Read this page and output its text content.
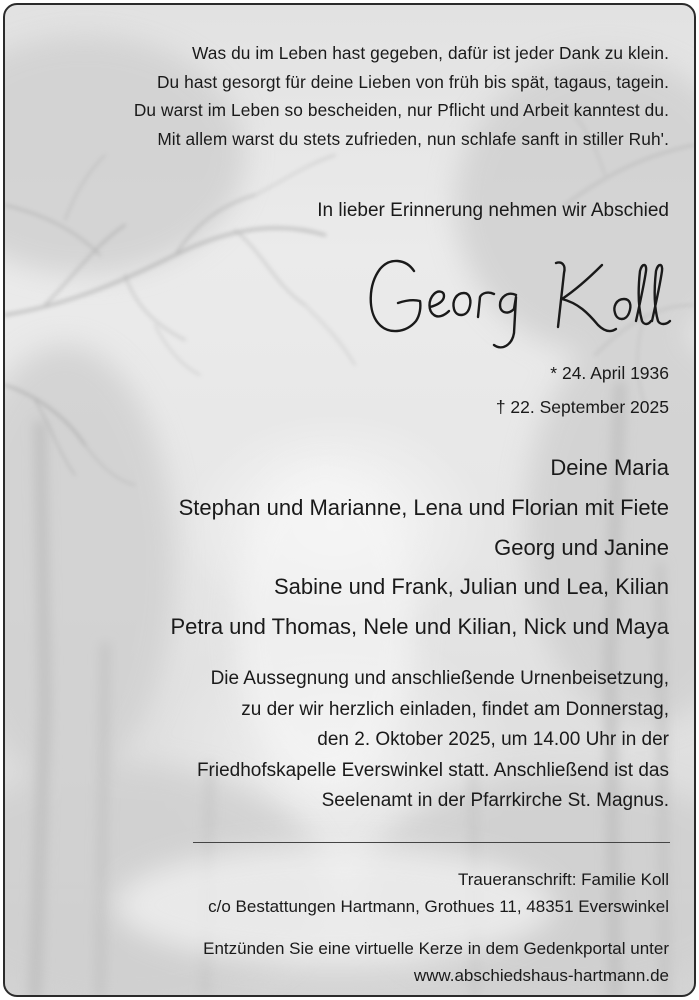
Was du im Leben hast gegeben, dafür ist jeder Dank zu klein.
Du hast gesorgt für deine Lieben von früh bis spät, tagaus, tagein.
Du warst im Leben so bescheiden, nur Pflicht und Arbeit kanntest du.
Mit allem warst du stets zufrieden, nun schlafe sanft in stiller Ruh'.
In lieber Erinnerung nehmen wir Abschied
* 24. April 1936
† 22. September 2025
Deine Maria
Stephan und Marianne, Lena und Florian mit Fiete
Georg und Janine
Sabine und Frank, Julian und Lea, Kilian
Petra und Thomas, Nele und Kilian, Nick und Maya
Die Aussegnung und anschließende Urnenbeisetzung,
zu der wir herzlich einladen, findet am Donnerstag,
den 2. Oktober 2025, um 14.00 Uhr in der
Friedhofskapelle Everswinkel statt. Anschließend ist das
Seelenamt in der Pfarrkirche St. Magnus.
Traueranschrift: Familie Koll
c/o Bestattungen Hartmann, Grothues 11, 48351 Everswinkel
Entzünden Sie eine virtuelle Kerze in dem Gedenkportal unter
www.abschiedshaus-hartmann.de
